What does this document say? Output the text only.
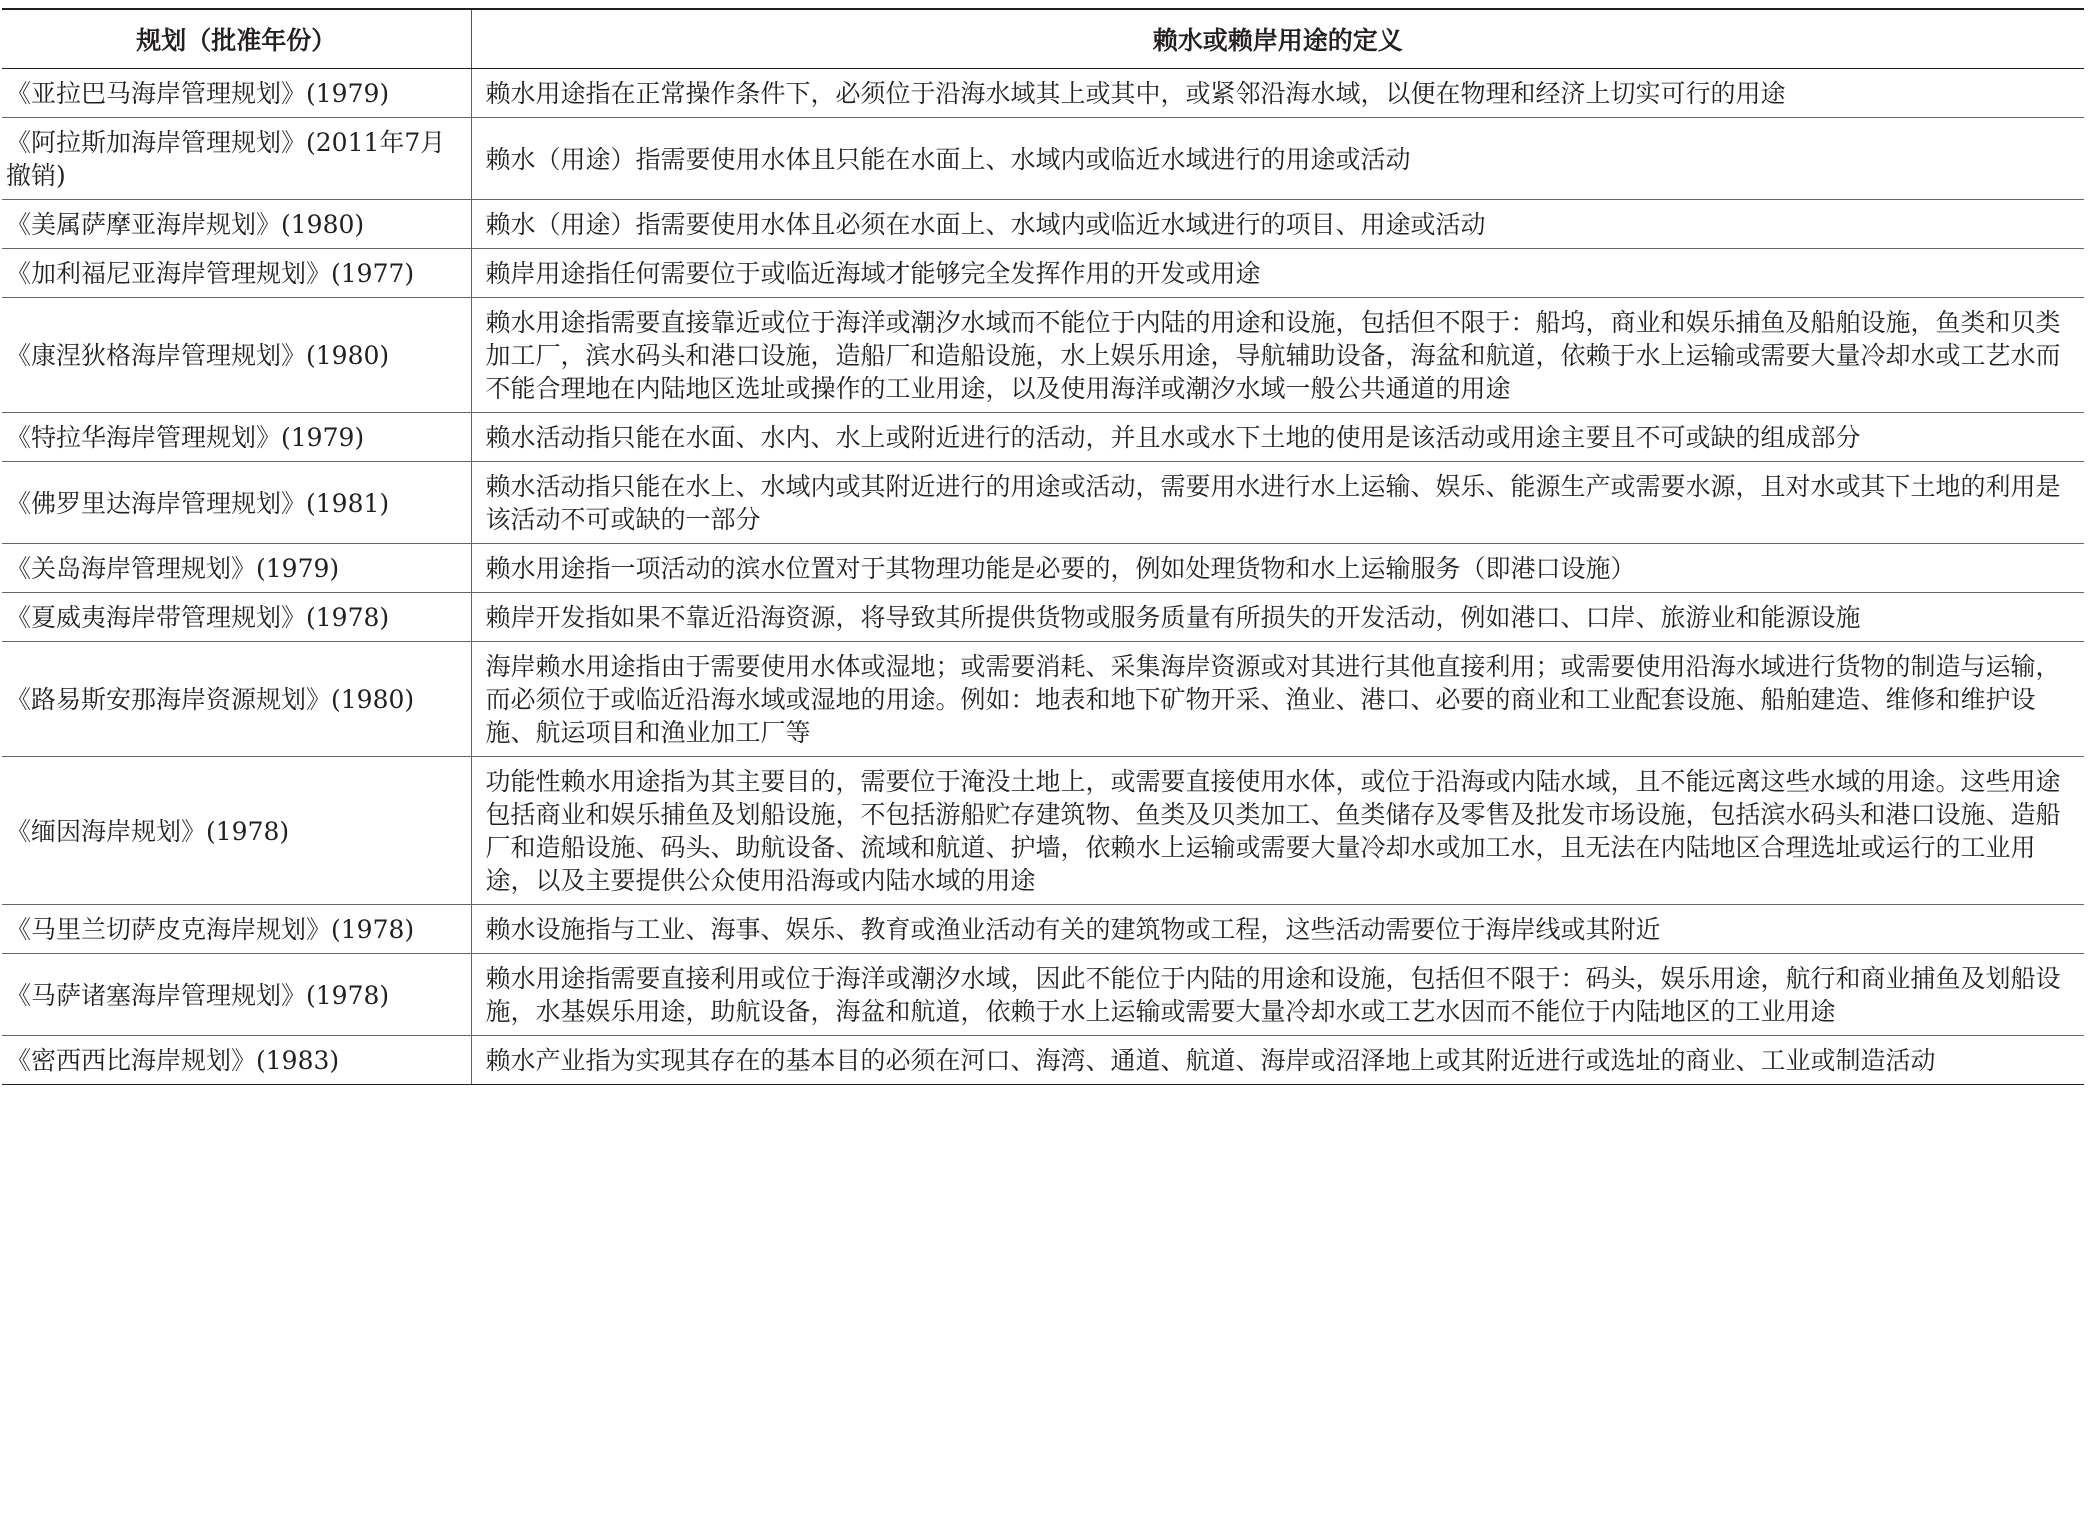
规划（批准年份）	赖水或赖岸用途的定义
《亚拉巴马海岸管理规划》(1979)	赖水用途指在正常操作条件下，必须位于沿海水域其上或其中，或紧邻沿海水域，以便在物理和经济上切实可行的用途
《阿拉斯加海岸管理规划》(2011年7月撤销)	赖水（用途）指需要使用水体且只能在水面上、水域内或临近水域进行的用途或活动
《美属萨摩亚海岸规划》(1980)	赖水（用途）指需要使用水体且必须在水面上、水域内或临近水域进行的项目、用途或活动
《加利福尼亚海岸管理规划》(1977)	赖岸用途指任何需要位于或临近海域才能够完全发挥作用的开发或用途
《康涅狄格海岸管理规划》(1980)	赖水用途指需要直接靠近或位于海洋或潮汐水域而不能位于内陆的用途和设施，包括但不限于：船坞，商业和娱乐捕鱼及船舶设施，鱼类和贝类加工厂，滨水码头和港口设施，造船厂和造船设施，水上娱乐用途，导航辅助设备，海盆和航道，依赖于水上运输或需要大量冷却水或工艺水而不能合理地在内陆地区选址或操作的工业用途，以及使用海洋或潮汐水域一般公共通道的用途
《特拉华海岸管理规划》(1979)	赖水活动指只能在水面、水内、水上或附近进行的活动，并且水或水下土地的使用是该活动或用途主要且不可或缺的组成部分
《佛罗里达海岸管理规划》(1981)	赖水活动指只能在水上、水域内或其附近进行的用途或活动，需要用水进行水上运输、娱乐、能源生产或需要水源，且对水或其下土地的利用是该活动不可或缺的一部分
《关岛海岸管理规划》(1979)	赖水用途指一项活动的滨水位置对于其物理功能是必要的，例如处理货物和水上运输服务（即港口设施）
《夏威夷海岸带管理规划》(1978)	赖岸开发指如果不靠近沿海资源，将导致其所提供货物或服务质量有所损失的开发活动，例如港口、口岸、旅游业和能源设施
《路易斯安那海岸资源规划》(1980)	海岸赖水用途指由于需要使用水体或湿地；或需要消耗、采集海岸资源或对其进行其他直接利用；或需要使用沿海水域进行货物的制造与运输，而必须位于或临近沿海水域或湿地的用途。例如：地表和地下矿物开采、渔业、港口、必要的商业和工业配套设施、船舶建造、维修和维护设施、航运项目和渔业加工厂等
《缅因海岸规划》(1978)	功能性赖水用途指为其主要目的，需要位于淹没土地上，或需要直接使用水体，或位于沿海或内陆水域，且不能远离这些水域的用途。这些用途包括商业和娱乐捕鱼及划船设施，不包括游船贮存建筑物、鱼类及贝类加工、鱼类储存及零售及批发市场设施，包括滨水码头和港口设施、造船厂和造船设施、码头、助航设备、流域和航道、护墙，依赖水上运输或需要大量冷却水或加工水，且无法在内陆地区合理选址或运行的工业用途，以及主要提供公众使用沿海或内陆水域的用途
《马里兰切萨皮克海岸规划》(1978)	赖水设施指与工业、海事、娱乐、教育或渔业活动有关的建筑物或工程，这些活动需要位于海岸线或其附近
《马萨诸塞海岸管理规划》(1978)	赖水用途指需要直接利用或位于海洋或潮汐水域，因此不能位于内陆的用途和设施，包括但不限于：码头，娱乐用途，航行和商业捕鱼及划船设施，水基娱乐用途，助航设备，海盆和航道，依赖于水上运输或需要大量冷却水或工艺水因而不能位于内陆地区的工业用途
《密西西比海岸规划》(1983)	赖水产业指为实现其存在的基本目的必须在河口、海湾、通道、航道、海岸或沼泽地上或其附近进行或选址的商业、工业或制造活动
